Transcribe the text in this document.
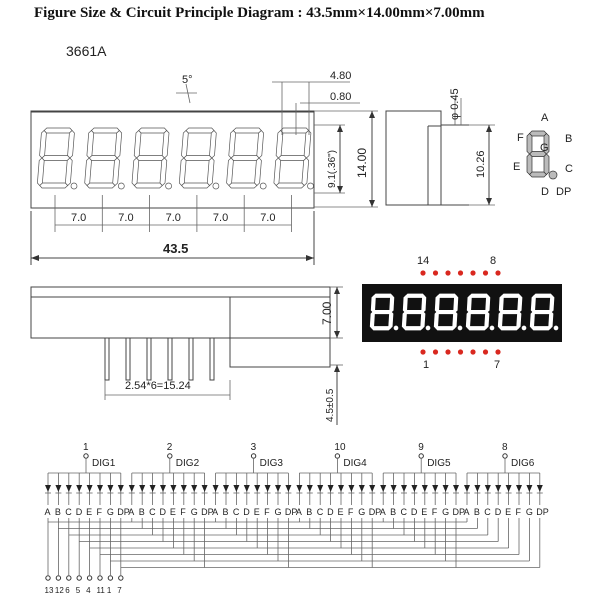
Figure Size & Circuit Principle Diagram : 43.5mm×14.00mm×7.00mm
3661A
5°	4.80
0.80
7.0	7.0	7.0	7.0	7.0
43.5
9.1(.36") 14.00
φ 0.45
10.26
A
B
C
D
E
F
G
DP
7.00
2.54*6=15.24
4.5±0.5
14	8
1	7
1
DIG1
A B C D E F G DP
2
DIG2
A B C D E F G DP
3
DIG3
A B C D E F G DP
10
DIG4
A B C D E F G DP
9
DIG5
A B C D E F G DP
8
DIG6
A B C D E F G DP
13 12 6 5 4 11 1 7
